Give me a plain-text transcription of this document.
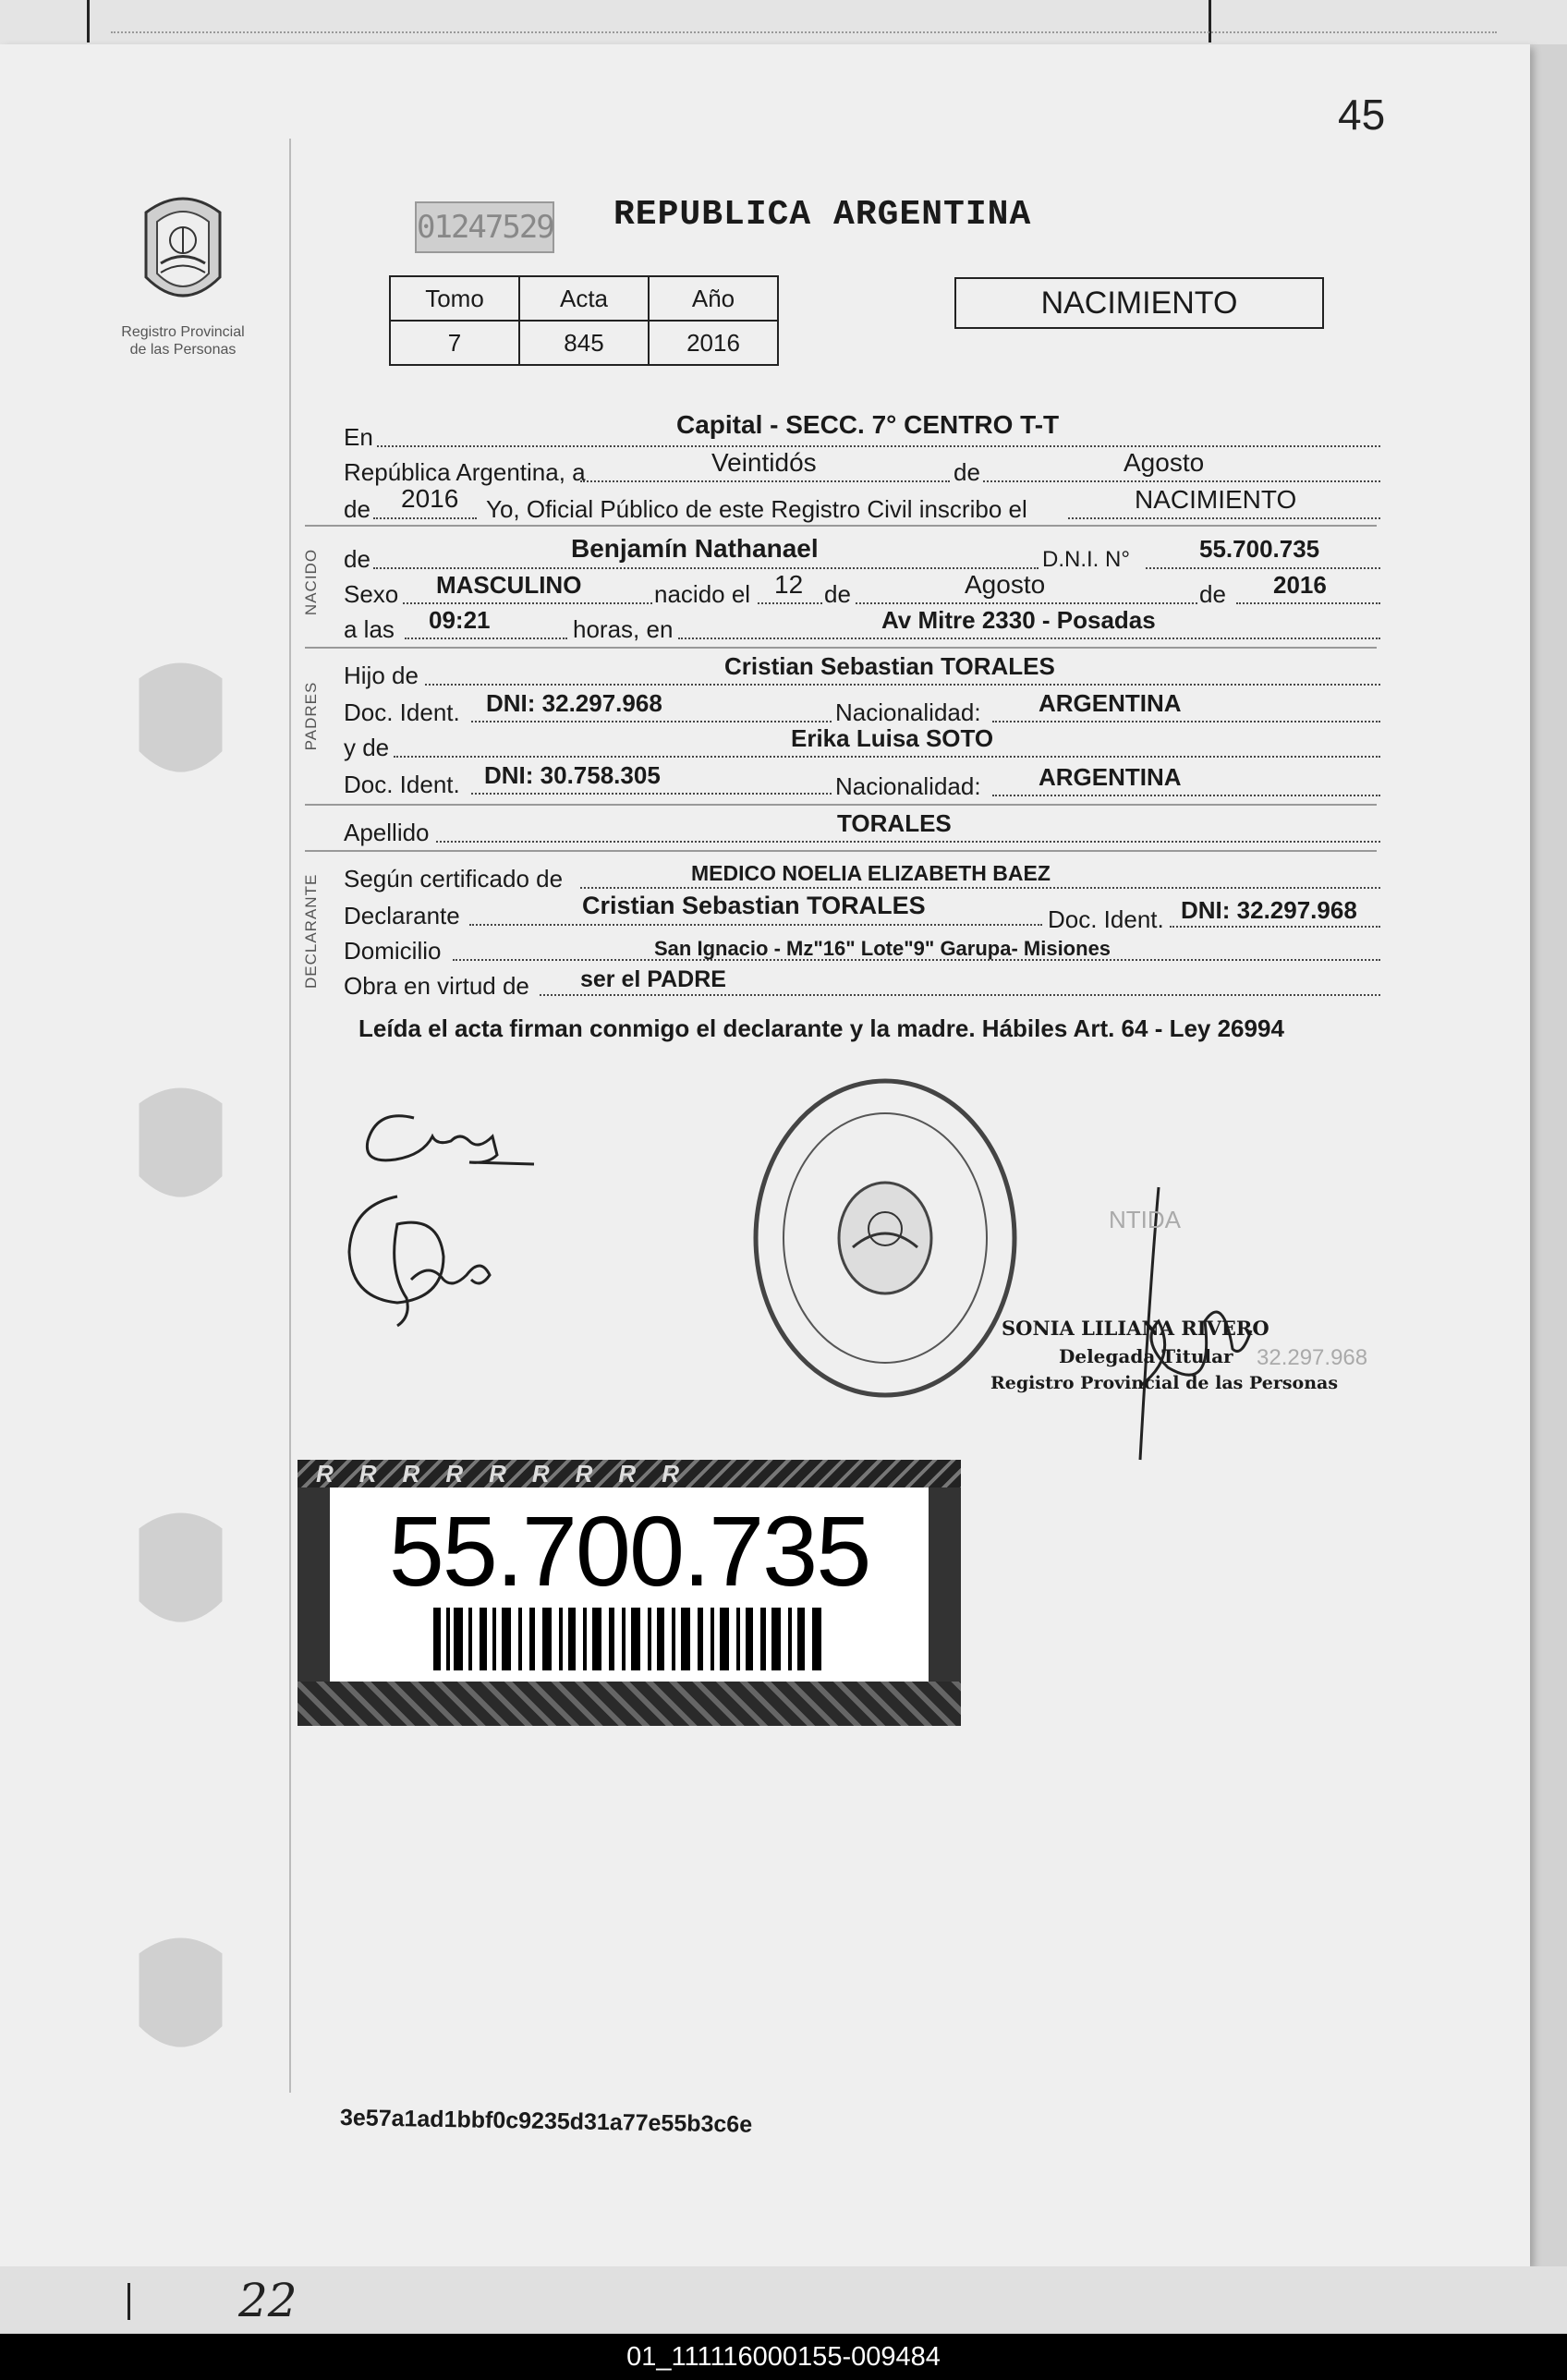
45
Registro Provincial
de las Personas
01247529 REPUBLICA ARGENTINA
Tomo	Acta	Año
7	845	2016
NACIMIENTO
En	Capital - SECC. 7° CENTRO T-T
República Argentina, a	Veintidós	de	Agosto
de 2016 Yo, Oficial Público de este Registro Civil inscribo el	NACIMIENTO
NACIDO de	Benjamín Nathanael	D.N.I. N°	55.700.735
Sexo MASCULINO	nacido el 12 de	Agosto	de 2016
a las 09:21	horas, en	Av Mitre 2330 - Posadas
PADRES
Hijo de	Cristian Sebastian TORALES
Doc. Ident. DNI: 32.297.968	Nacionalidad: ARGENTINA
y de	Erika Luisa SOTO
Doc. Ident. DNI: 30.758.305	Nacionalidad: ARGENTINA
Apellido	TORALES
DECLARANTE Según certificado de	MEDICO NOELIA ELIZABETH BAEZ
Declarante	Cristian Sebastian TORALES	Doc. Ident. DNI: 32.297.968
Domicilio	San Ignacio - Mz"16" Lote"9" Garupa- Misiones
Obra en virtud de ser el PADRE
Leída el acta firman conmigo el declarante y la madre. Hábiles Art. 64 - Ley 26994
SONIA LILIANA RIVERO
Delegada Titular
Registro Provincial de las Personas
NTIDA
32.297.968
RRRRRRRRR
55.700.735
3e57a1ad1bbf0c9235d31a77e55b3c6e
22
01_111116000155-009484
